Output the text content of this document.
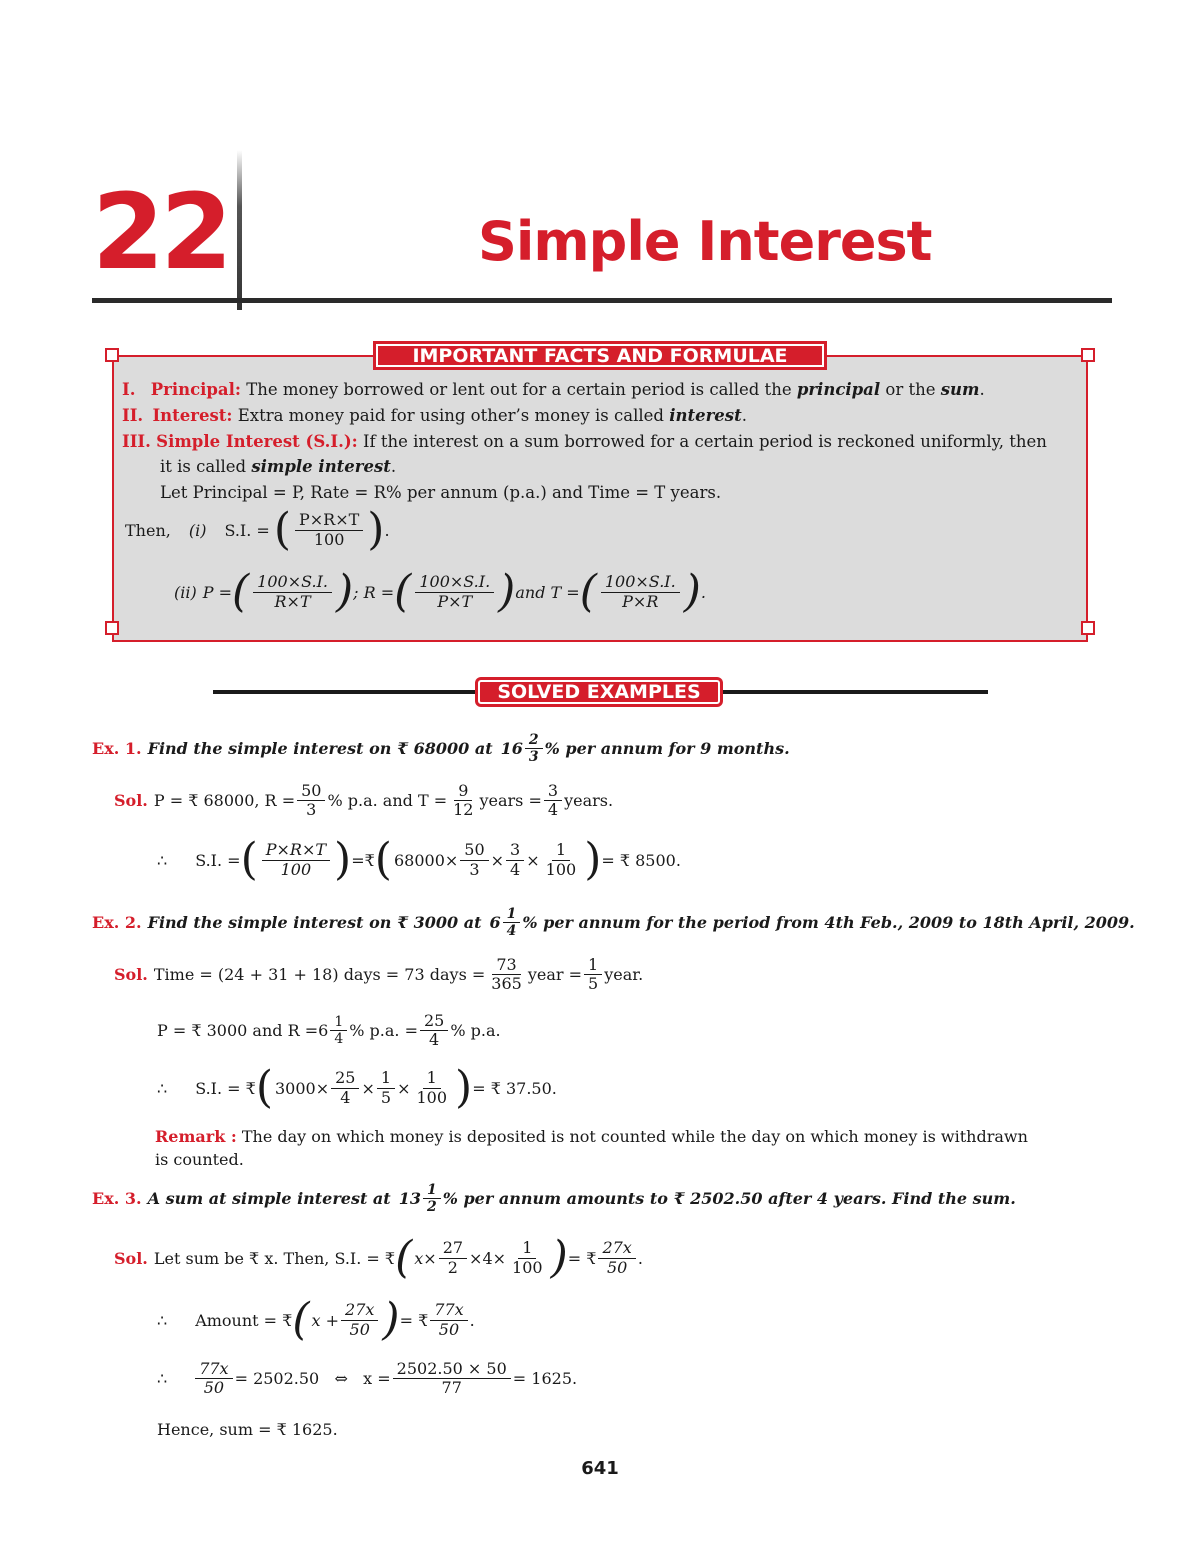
22	Simple Interest
IMPORTANT FACTS AND FORMULAE
I. Principal: The money borrowed or lent out for a certain period is called the principal or the sum.
II. Interest: Extra money paid for using other’s money is called interest.
III. Simple Interest (S.I.): If the interest on a sum borrowed for a certain period is reckoned uniformly, then
it is called simple interest.
Let Principal = P, Rate = R% per annum (p.a.) and Time = T years.
Then, (i) S.I. = ( $\frac{P\times R\times T}{100}$
) .
(ii) P = ( $\frac{100\times S.I.}{R\times T}$
) ; R = ( $\frac{100\times S.I.}{P\times T}$
) and T = ( $\frac{100\times S.I.}{P\times R}$
) .
SOLVED EXAMPLES
Ex. 1. Find the simple interest on ₹ 68000 at $16 \frac{2}{3}$ % per annum for 9 months.
Sol. P = ₹ 68000, $R = \frac{50}{3}$ % p.a. and $T = \frac{9}{12}$ years = $\frac{3}{4}$ years.
∴ S.I. = ( $\frac{P\times R\times T}{100}$
) =₹ ( $68000\times \frac{50}{3} \times \frac{3}{4} \times \frac{1}{100}$
) = ₹ 8500.
Ex. 2. Find the simple interest on ₹ 3000 at $6 \frac{1}{4}$ % per annum for the period from 4th Feb., 2009 to 18th April, 2009.
Sol. Time = (24 + 31 + 18) days = 73 days = $\frac{73}{365}$ year = $\frac{1}{5}$ year.
P = ₹ 3000 and $R = 6 \frac{1}{4}$ % p.a. = $\frac{25}{4}$ % p.a.
∴ S.I. = ₹ ( $3000\times \frac{25}{4} \times \frac{1}{5} \times \frac{1}{100}$
) = ₹ 37.50.
Remark : The day on which money is deposited is not counted while the day on which money is withdrawn
is counted.
Ex. 3. A sum at simple interest at $13 \frac{1}{2}$ % per annum amounts to ₹ 2502.50 after 4 years. Find the sum.
Sol. Let sum be ₹ x. Then, S.I. = ₹ ( $x\times \frac{27}{2} \times 4\times \frac{1}{100}$
) = ₹ $\frac{27x}{50}$ .
∴ Amount = ₹ ( $x + \frac{27x}{50}$
) = ₹ $\frac{77x}{50}$ .
∴ $\frac{77x}{50} = 2502.50$   ⇔   $x = \frac{2502.50 \times 50}{77} = 1625$.
Hence, sum = ₹ 1625.
641
